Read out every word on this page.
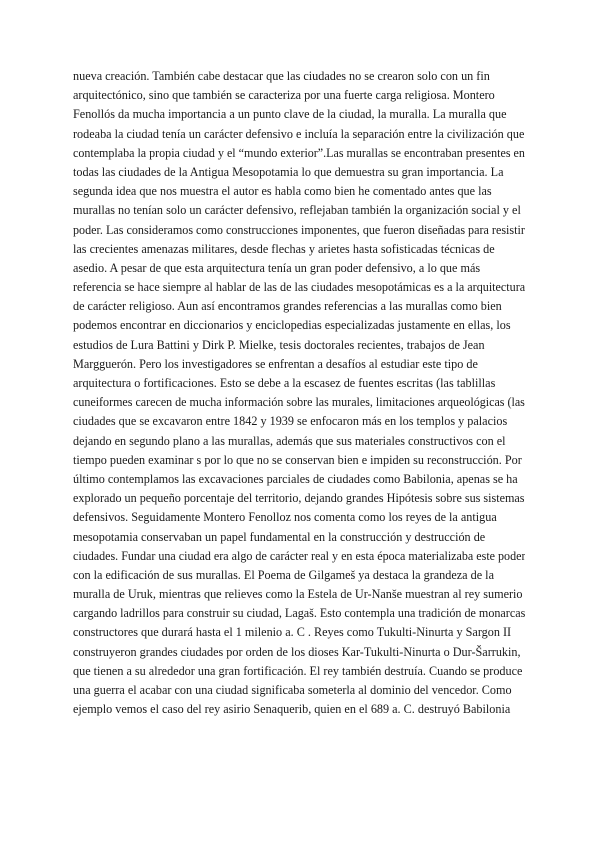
nueva creación. También cabe destacar que las ciudades no se crearon solo con un fin
arquitectónico, sino que también se caracteriza por una fuerte carga religiosa. Montero
Fenollós da mucha importancia a un punto clave de la ciudad, la muralla. La muralla que
rodeaba la ciudad tenía un carácter defensivo e incluía la separación entre la civilización que
contemplaba la propia ciudad y el “mundo exterior”.Las murallas se encontraban presentes en
todas las ciudades de la Antigua Mesopotamia lo que demuestra su gran importancia. La
segunda idea que nos muestra el autor es habla como bien he comentado antes que las
murallas no tenían solo un carácter defensivo, reflejaban también la organización social y el
poder. Las consideramos como construcciones imponentes, que fueron diseñadas para resistir
las crecientes amenazas militares, desde flechas y arietes hasta sofisticadas técnicas de
asedio. A pesar de que esta arquitectura tenía un gran poder defensivo, a lo que más
referencia se hace siempre al hablar de las de las ciudades mesopotámicas es a la arquitectura
de carácter religioso. Aun así encontramos grandes referencias a las murallas como bien
podemos encontrar en diccionarios y enciclopedias especializadas justamente en ellas, los
estudios de Lura Battini y Dirk P. Mielke, tesis doctorales recientes, trabajos de Jean
Margguerón. Pero los investigadores se enfrentan a desafíos al estudiar este tipo de
arquitectura o fortificaciones. Esto se debe a la escasez de fuentes escritas (las tablillas
cuneiformes carecen de mucha información sobre las murales, limitaciones arqueológicas (las
ciudades que se excavaron entre 1842 y 1939 se enfocaron más en los templos y palacios
dejando en segundo plano a las murallas, además que sus materiales constructivos con el
tiempo pueden examinar s por lo que no se conservan bien e impiden su reconstrucción. Por
último contemplamos las excavaciones parciales de ciudades como Babilonia, apenas se ha
explorado un pequeño porcentaje del territorio, dejando grandes Hipótesis sobre sus sistemas
defensivos. Seguidamente Montero Fenolloz nos comenta como los reyes de la antigua
mesopotamia conservaban un papel fundamental en la construcción y destrucción de
ciudades. Fundar una ciudad era algo de carácter real y en esta época materializaba este poder
con la edificación de sus murallas. El Poema de Gilgameš ya destaca la grandeza de la
muralla de Uruk, mientras que relieves como la Estela de Ur-Nanše muestran al rey sumerio
cargando ladrillos para construir su ciudad, Lagaš. Esto contempla una tradición de monarcas
constructores que durará hasta el 1 milenio a. C . Reyes como Tukulti-Ninurta y Sargon II
construyeron grandes ciudades por orden de los dioses Kar-Tukulti-Ninurta o Dur-Šarrukin,
que tienen a su alrededor una gran fortificación. El rey también destruía. Cuando se produce
una guerra el acabar con una ciudad significaba someterla al dominio del vencedor. Como
ejemplo vemos el caso del rey asirio Senaquerib, quien en el 689 a. C. destruyó Babilonia
